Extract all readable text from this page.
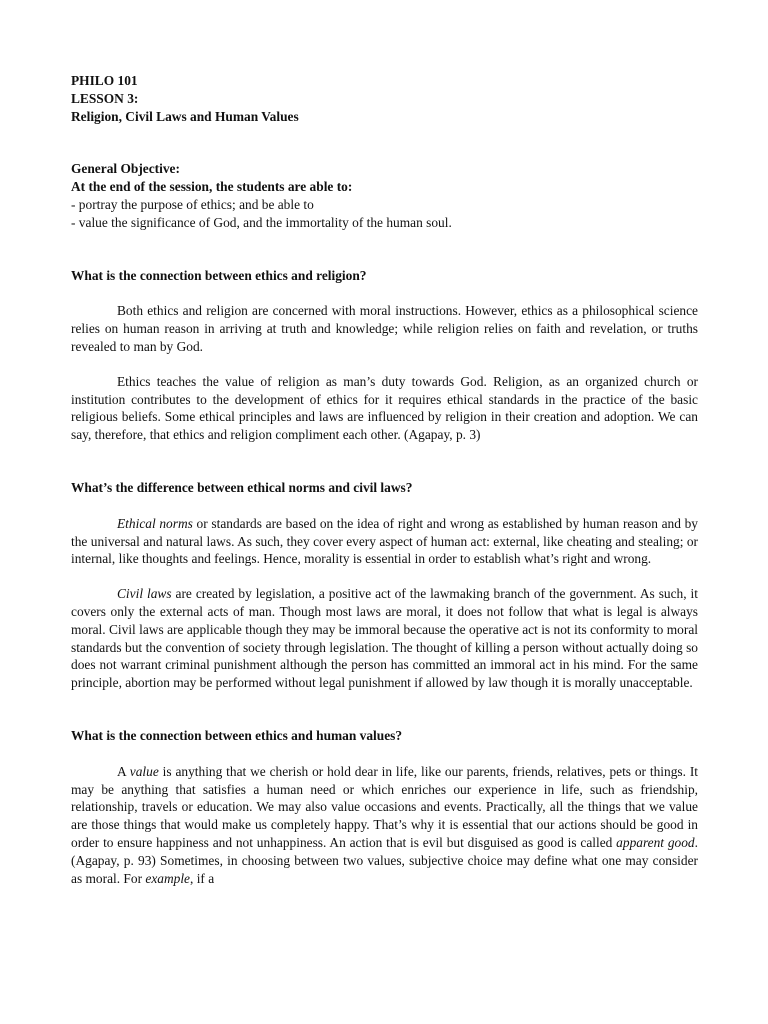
PHILO 101
LESSON 3:
Religion, Civil Laws and Human Values
General Objective:
At the end of the session, the students are able to:
- portray the purpose of ethics; and be able to
- value the significance of God, and the immortality of the human soul.
What is the connection between ethics and religion?

Both ethics and religion are concerned with moral instructions. However, ethics as a philosophical science relies on human reason in arriving at truth and knowledge; while religion relies on faith and revelation, or truths revealed to man by God.

Ethics teaches the value of religion as man’s duty towards God. Religion, as an organized church or institution contributes to the development of ethics for it requires ethical standards in the practice of the basic religious beliefs. Some ethical principles and laws are influenced by religion in their creation and adoption. We can say, therefore, that ethics and religion compliment each other. (Agapay, p. 3)

What’s the difference between ethical norms and civil laws?

Ethical norms or standards are based on the idea of right and wrong as established by human reason and by the universal and natural laws. As such, they cover every aspect of human act: external, like cheating and stealing; or internal, like thoughts and feelings. Hence, morality is essential in order to establish what’s right and wrong.

Civil laws are created by legislation, a positive act of the lawmaking branch of the government. As such, it covers only the external acts of man. Though most laws are moral, it does not follow that what is legal is always moral. Civil laws are applicable though they may be immoral because the operative act is not its conformity to moral standards but the convention of society through legislation. The thought of killing a person without actually doing so does not warrant criminal punishment although the person has committed an immoral act in his mind. For the same principle, abortion may be performed without legal punishment if allowed by law though it is morally unacceptable.

What is the connection between ethics and human values?

A value is anything that we cherish or hold dear in life, like our parents, friends, relatives, pets or things. It may be anything that satisfies a human need or which enriches our experience in life, such as friendship, relationship, travels or education. We may also value occasions and events. Practically, all the things that we value are those things that would make us completely happy. That’s why it is essential that our actions should be good in order to ensure happiness and not unhappiness. An action that is evil but disguised as good is called apparent good. (Agapay, p. 93) Sometimes, in choosing between two values, subjective choice may define what one may consider as moral. For example, if a
